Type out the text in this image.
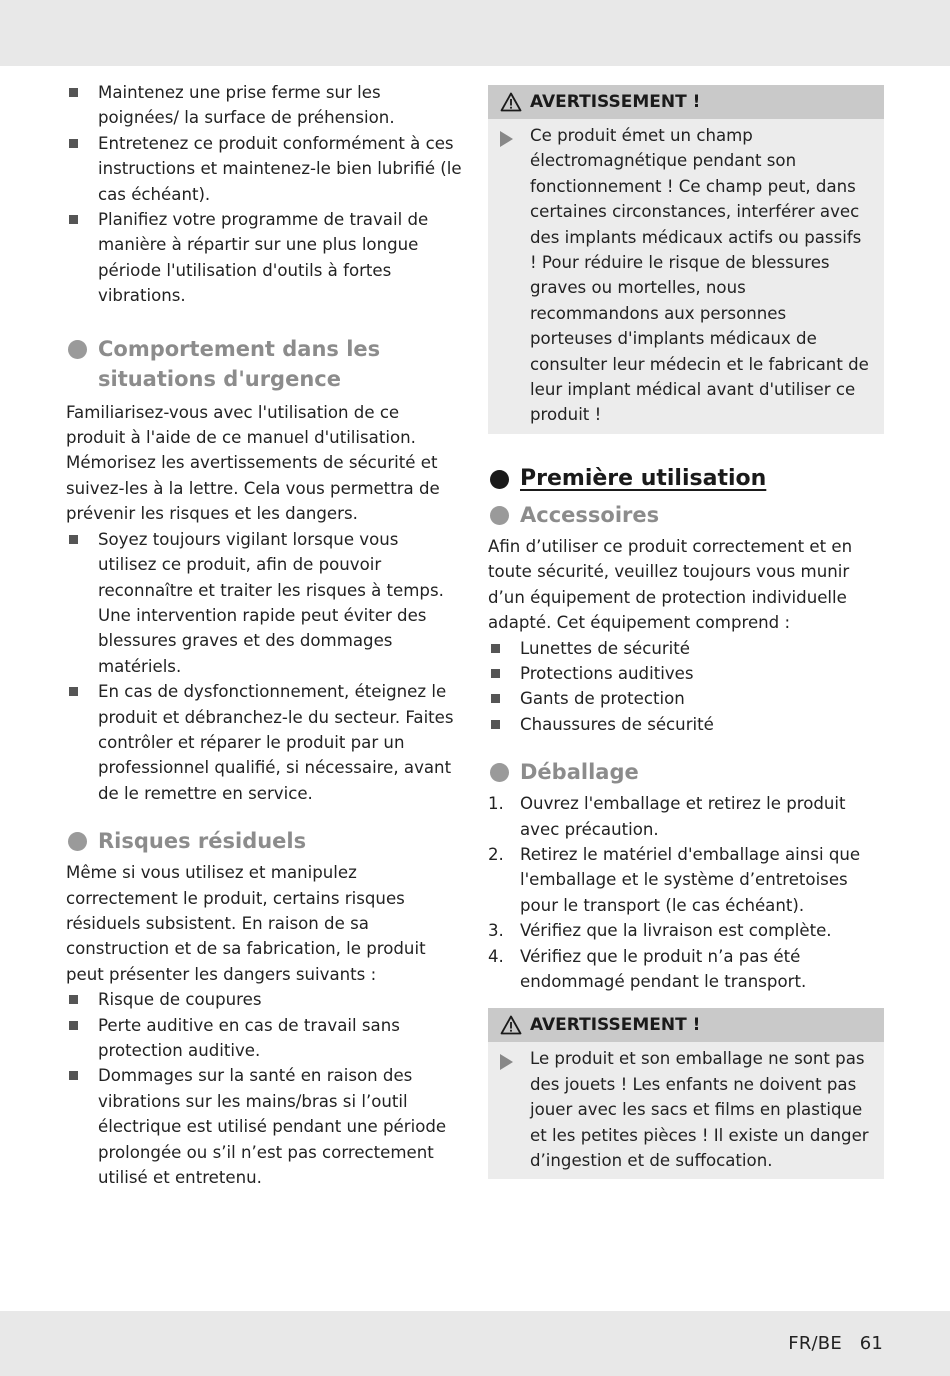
Maintenez une prise ferme sur les poignées/ la surface de préhension.
Entretenez ce produit conformément à ces instructions et maintenez-le bien lubrifié (le cas échéant).
Planifiez votre programme de travail de manière à répartir sur une plus longue période l'utilisation d'outils à fortes vibrations.
Comportement dans les situations d'urgence

Familiarisez-vous avec l'utilisation de ce produit à l'aide de ce manuel d'utilisation. Mémorisez les avertissements de sécurité et suivez-les à la lettre. Cela vous permettra de prévenir les risques et les dangers.

Soyez toujours vigilant lorsque vous utilisez ce produit, afin de pouvoir reconnaître et traiter les risques à temps. Une intervention rapide peut éviter des blessures graves et des dommages matériels.
En cas de dysfonctionnement, éteignez le produit et débranchez-le du secteur. Faites contrôler et réparer le produit par un professionnel qualifié, si nécessaire, avant de le remettre en service.
Risques résiduels

Même si vous utilisez et manipulez correctement le produit, certains risques résiduels subsistent. En raison de sa construction et de sa fabrication, le produit peut présenter les dangers suivants :

Risque de coupures
Perte auditive en cas de travail sans protection auditive.
Dommages sur la santé en raison des vibrations sur les mains/bras si l’outil électrique est utilisé pendant une période prolongée ou s’il n’est pas correctement utilisé et entretenu.
AVERTISSEMENT !

Ce produit émet un champ électromagnétique pendant son fonctionnement ! Ce champ peut, dans certaines circonstances, interférer avec des implants médicaux actifs ou passifs ! Pour réduire le risque de blessures graves ou mortelles, nous recommandons aux personnes porteuses d'implants médicaux de consulter leur médecin et le fabricant de leur implant médical avant d'utiliser ce produit !

Première utilisation
Accessoires

Afin d’utiliser ce produit correctement et en toute sécurité, veuillez toujours vous munir d’un équipement de protection individuelle adapté. Cet équipement comprend :

Lunettes de sécurité
Protections auditives
Gants de protection
Chaussures de sécurité
Déballage
1. Ouvrez l'emballage et retirez le produit avec précaution.
2. Retirez le matériel d'emballage ainsi que l'emballage et le système d’entretoises pour le transport (le cas échéant).
3. Vérifiez que la livraison est complète.
4. Vérifiez que le produit n’a pas été endommagé pendant le transport.
AVERTISSEMENT !

Le produit et son emballage ne sont pas des jouets ! Les enfants ne doivent pas jouer avec les sacs et films en plastique et les petites pièces ! Il existe un danger d’ingestion et de suffocation.

FR/BE   61
